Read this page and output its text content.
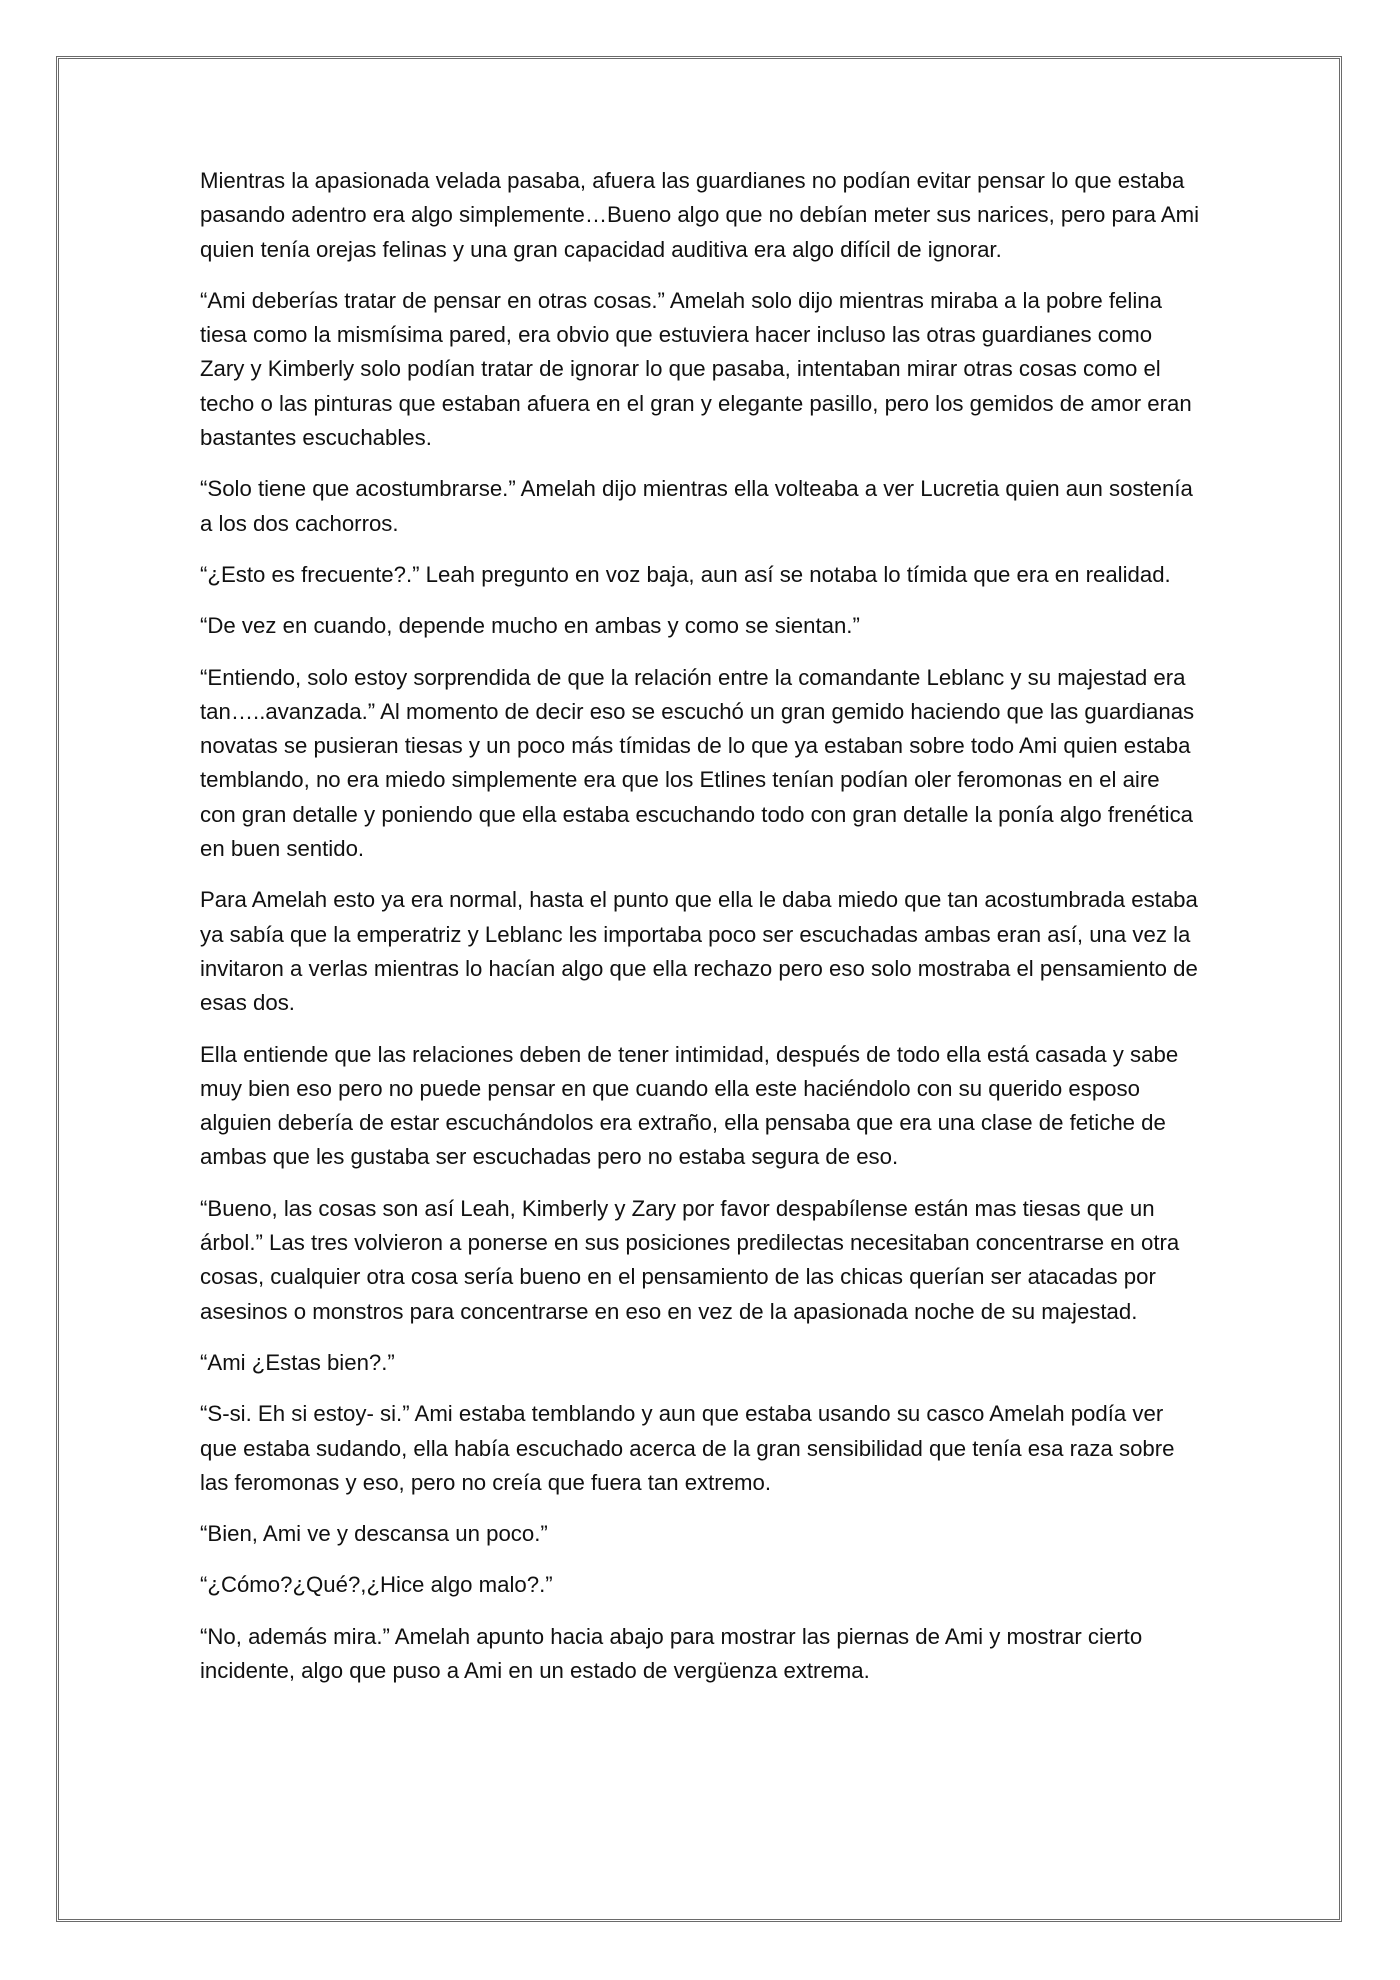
Mientras la apasionada velada pasaba, afuera las guardianes no podían evitar pensar lo que estaba pasando adentro era algo simplemente…Bueno algo que no debían meter sus narices, pero para Ami quien tenía orejas felinas y una gran capacidad auditiva era algo difícil de ignorar.

“Ami deberías tratar de pensar en otras cosas.” Amelah solo dijo mientras miraba a la pobre felina tiesa como la mismísima pared, era obvio que estuviera hacer incluso las otras guardianes como Zary y Kimberly solo podían tratar de ignorar lo que pasaba, intentaban mirar otras cosas como el techo o las pinturas que estaban afuera en el gran y elegante pasillo, pero los gemidos de amor eran bastantes escuchables.

“Solo tiene que acostumbrarse.” Amelah dijo mientras ella volteaba a ver Lucretia quien aun sostenía a los dos cachorros.

“¿Esto es frecuente?.” Leah pregunto en voz baja, aun así se notaba lo tímida que era en realidad.

“De vez en cuando, depende mucho en ambas y como se sientan.”

“Entiendo, solo estoy sorprendida de que la relación entre la comandante Leblanc y su majestad era tan…..avanzada.” Al momento de decir eso se escuchó un gran gemido haciendo que las guardianas novatas se pusieran tiesas y un poco más tímidas de lo que ya estaban sobre todo Ami quien estaba temblando, no era miedo simplemente era que los Etlines tenían podían oler feromonas en el aire con gran detalle y poniendo que ella estaba escuchando todo con gran detalle la ponía algo frenética en buen sentido.

Para Amelah esto ya era normal, hasta el punto que ella le daba miedo que tan acostumbrada estaba ya sabía que la emperatriz y Leblanc les importaba poco ser escuchadas ambas eran así, una vez la invitaron a verlas mientras lo hacían algo que ella rechazo pero eso solo mostraba el pensamiento de esas dos.

Ella entiende que las relaciones deben de tener intimidad, después de todo ella está casada y sabe muy bien eso pero no puede pensar en que cuando ella este haciéndolo con su querido esposo alguien debería de estar escuchándolos era extraño, ella pensaba que era una clase de fetiche de ambas que les gustaba ser escuchadas pero no estaba segura de eso.

“Bueno, las cosas son así Leah, Kimberly y Zary por favor despabílense están mas tiesas que un árbol.” Las tres volvieron a ponerse en sus posiciones predilectas necesitaban concentrarse en otra cosas, cualquier otra cosa sería bueno en el pensamiento de las chicas querían ser atacadas por asesinos o monstros para concentrarse en eso en vez de la apasionada noche de su majestad.

“Ami ¿Estas bien?.”

“S-si. Eh si estoy- si.” Ami estaba temblando y aun que estaba usando su casco Amelah podía ver que estaba sudando, ella había escuchado acerca de la gran sensibilidad que tenía esa raza sobre las feromonas y eso, pero no creía que fuera tan extremo.

“Bien, Ami ve y descansa un poco.”

“¿Cómo?¿Qué?,¿Hice algo malo?.”

“No, además mira.” Amelah apunto hacia abajo para mostrar las piernas de Ami y mostrar cierto incidente, algo que puso a Ami en un estado de vergüenza extrema.
